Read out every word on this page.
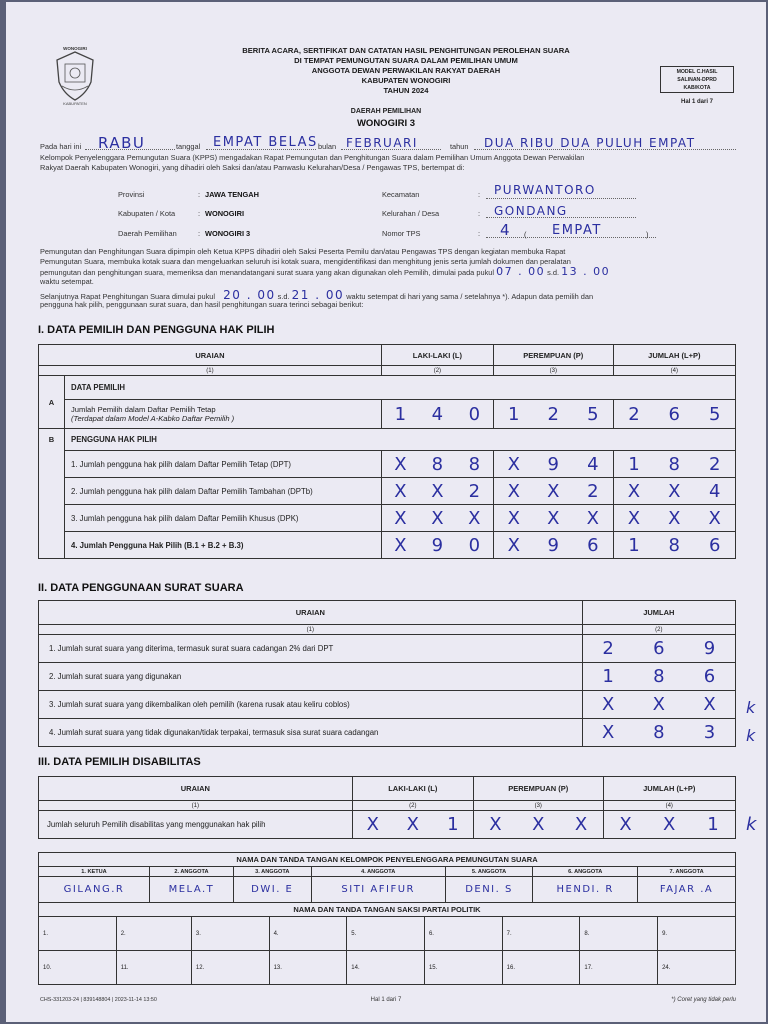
WONOGIRI
KABUPATEN
BERITA ACARA, SERTIFIKAT DAN CATATAN HASIL PENGHITUNGAN PEROLEHAN SUARA
DI TEMPAT PEMUNGUTAN SUARA DALAM PEMILIHAN UMUM
ANGGOTA DEWAN PERWAKILAN RAKYAT DAERAH
KABUPATEN WONOGIRI
TAHUN 2024
DAERAH PEMILIHAN
WONOGIRI 3
MODEL C.HASIL
SALINAN-DPRD
KAB/KOTA
Hal 1 dari 7
Pada hari ini RABU	tanggal EMPAT BELAS bulan FEBRUARI	tahun DUA RIBU DUA PULUH EMPAT
Kelompok Penyelenggara Pemungutan Suara (KPPS) mengadakan Rapat Pemungutan dan Penghitungan Suara dalam Pemilihan Umum Anggota Dewan Perwakilan
Rakyat Daerah Kabupaten Wonogiri, yang dihadiri oleh Saksi dan/atau Panwaslu Kelurahan/Desa / Pengawas TPS, bertempat di:
Provinsi	: JAWA TENGAH
Kabupaten / Kota	: WONOGIRI
Daerah Pemilihan	: WONOGIRI 3
Kecamatan	: PURWANTORO
Kelurahan / Desa	: GONDANG
Nomor TPS	: 4 ( EMPAT	)
Pemungutan dan Penghitungan Suara dipimpin oleh Ketua KPPS dihadiri oleh Saksi Peserta Pemilu dan/atau Pengawas TPS dengan kegiatan membuka Rapat
Pemungutan Suara, membuka kotak suara dan mengeluarkan seluruh isi kotak suara, mengidentifikasi dan menghitung jenis serta jumlah dokumen dan peralatan
pemungutan dan penghitungan suara, memeriksa dan menandatangani surat suara yang akan digunakan oleh Pemilih, dimulai pada pukul 07 . 00 s.d. 13 . 00
waktu setempat.
Selanjutnya Rapat Penghitungan Suara dimulai pukul 20 . 00 s.d. 21 . 00 waktu setempat di hari yang sama / setelahnya *). Adapun data pemilih dan
pengguna hak pilih, penggunaan surat suara, dan hasil penghitungan suara terinci sebagai berikut:
I. DATA PEMILIH DAN PENGGUNA HAK PILIH
URAIAN		LAKI-LAKI (L)			PEREMPUAN (P)			JUMLAH (L+P)		
(1)		(2)			(3)			(4)		
A	DATA PEMILIH									

	Jumlah Pemilih dalam Daftar Pemilih Tetap
(Terdapat dalam Model A-Kabko Daftar Pemilih )	1	4	0	1	2	5	2	6	5
B	PENGGUNA HAK PILIH									
	1. Jumlah pengguna hak pilih dalam Daftar Pemilih Tetap (DPT)	X	8	8	X	9	4	1	8	2
	2. Jumlah pengguna hak pilih dalam Daftar Pemilih Tambahan (DPTb)	X	X	2	X	X	2	X	X	4
	3. Jumlah pengguna hak pilih dalam Daftar Pemilih Khusus (DPK)	X	X	X	X	X	X	X	X	X
	4. Jumlah Pengguna Hak Pilih (B.1 + B.2 + B.3)	X	9	0	X	9	6	1	8	6
II. DATA PENGGUNAAN SURAT SUARA
URAIAN	JUMLAH		
(1)	(2)		
1. Jumlah surat suara yang diterima, termasuk surat suara cadangan 2% dari DPT	2	6	9
2. Jumlah surat suara yang digunakan	1	8	6
3. Jumlah surat suara yang dikembalikan oleh pemilih (karena rusak atau keliru coblos)	X	X	X
4. Jumlah surat suara yang tidak digunakan/tidak terpakai, termasuk sisa surat suara cadangan	X	8	3
k
k
III. DATA PEMILIH DISABILITAS
URAIAN	LAKI-LAKI (L)			PEREMPUAN (P)			JUMLAH (L+P)		
(1)	(2)			(3)			(4)		
Jumlah seluruh Pemilih disabilitas yang menggunakan hak pilih	X	X	1	X	X	X	X	X	1 k
NAMA DAN TANDA TANGAN KELOMPOK PENYELENGGARA PEMUNGUTAN SUARA						
1. KETUA	2. ANGGOTA	3. ANGGOTA	4. ANGGOTA	5. ANGGOTA	6. ANGGOTA	7. ANGGOTA
GILANG.R	MELA.T	DWI. E	SITI AFIFUR	DENI. S	HENDI. R	FAJAR .A
NAMA DAN TANDA TANGAN SAKSI PARTAI POLITIK								
1.	2.	3.	4.	5.	6.	7.	8.	9.
10.	11.	12.	13.	14.	15.	16.	17.	24.
CHS-331203-24 | 839148804 | 2023-11-14 13:50	Hal 1 dari 7	*) Coret yang tidak perlu
